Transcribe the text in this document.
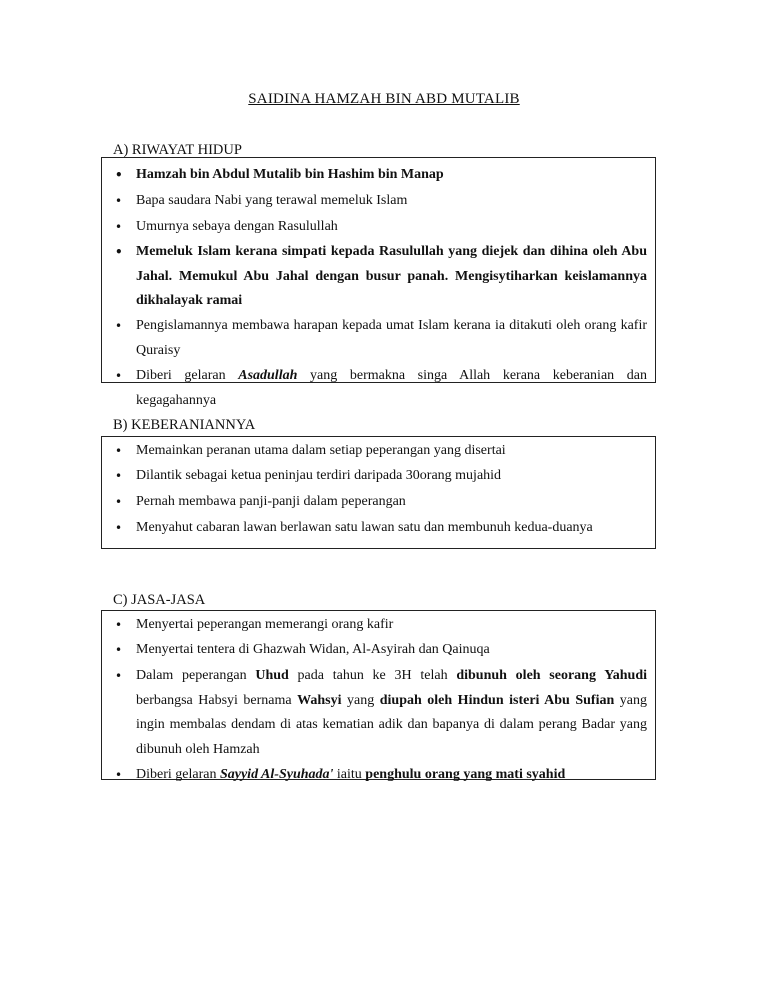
SAIDINA HAMZAH BIN ABD MUTALIB
A) RIWAYAT HIDUP
• Hamzah bin Abdul Mutalib bin Hashim bin Manap
• Bapa saudara Nabi yang terawal memeluk Islam
• Umurnya sebaya dengan Rasulullah
• Memeluk Islam kerana simpati kepada Rasulullah yang diejek dan dihina oleh Abu Jahal. Memukul Abu Jahal dengan busur panah. Mengisytiharkan keislamannya dikhalayak ramai
• Pengislamannya membawa harapan kepada umat Islam kerana ia ditakuti oleh orang kafir Quraisy
• Diberi gelaran Asadullah yang bermakna singa Allah kerana keberanian dan kegagahannya
B) KEBERANIANNYA
• Memainkan peranan utama dalam setiap peperangan yang disertai
• Dilantik sebagai ketua peninjau terdiri daripada 30orang mujahid
• Pernah membawa panji-panji dalam peperangan
• Menyahut cabaran lawan berlawan satu lawan satu dan membunuh kedua-duanya
C) JASA-JASA
• Menyertai peperangan memerangi orang kafir
• Menyertai tentera di Ghazwah Widan, Al-Asyirah dan Qainuqa
• Dalam peperangan Uhud pada tahun ke 3H telah dibunuh oleh seorang Yahudi berbangsa Habsyi bernama Wahsyi yang diupah oleh Hindun isteri Abu Sufian yang ingin membalas dendam di atas kematian adik dan bapanya di dalam perang Badar yang dibunuh oleh Hamzah
• Diberi gelaran Sayyid Al-Syuhada' iaitu penghulu orang yang mati syahid
